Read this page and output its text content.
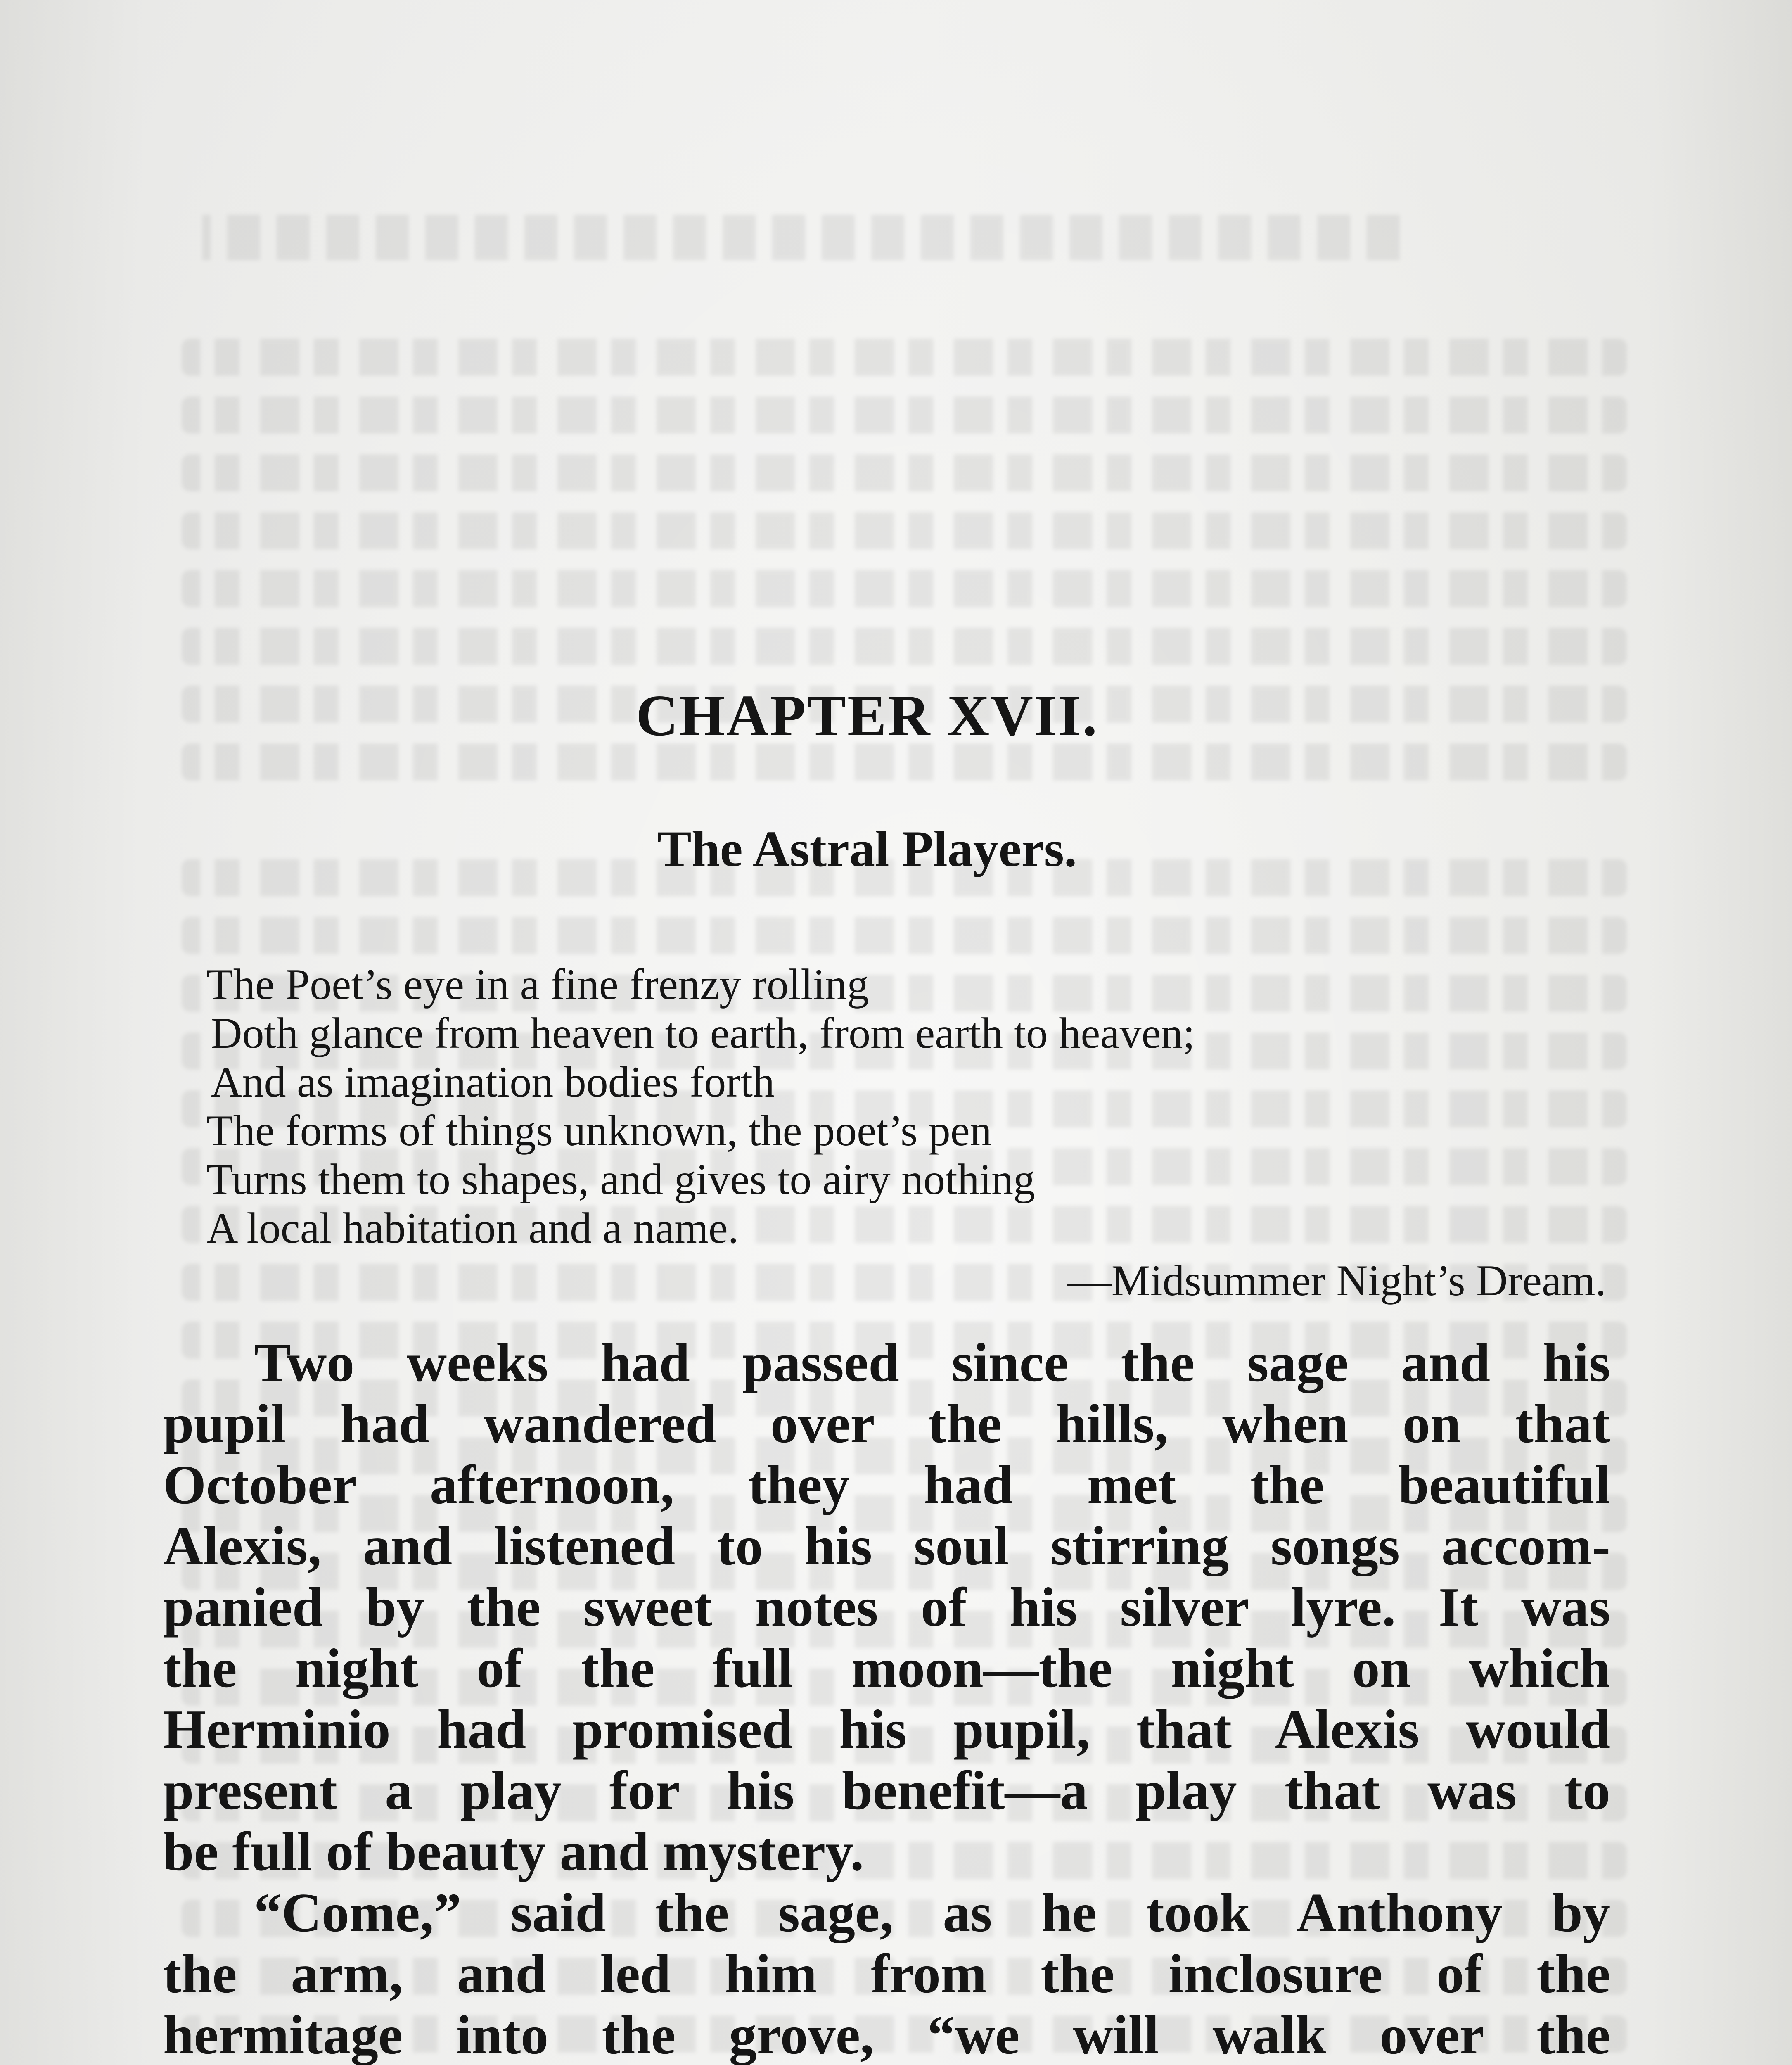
CHAPTER XVII.
The Astral Players.
The Poet’s eye in a fine frenzy rolling
Doth glance from heaven to earth, from earth to heaven;
And as imagination bodies forth
The forms of things unknown, the poet’s pen
Turns them to shapes, and gives to airy nothing
A local habitation and a name.

—Midsummer Night’s Dream.

Two weeks had passed since the sage and his
pupil had wandered over the hills, when on that
October afternoon, they had met the beautiful
Alexis, and listened to his soul stirring songs accom-
panied by the sweet notes of his silver lyre. It was
the night of the full moon—the night on which
Herminio had promised his pupil, that Alexis would
present a play for his benefit—a play that was to
be full of beauty and mystery.
“Come,” said the sage, as he took Anthony by
the arm, and led him from the inclosure of the
hermitage into the grove, “we will walk over the
